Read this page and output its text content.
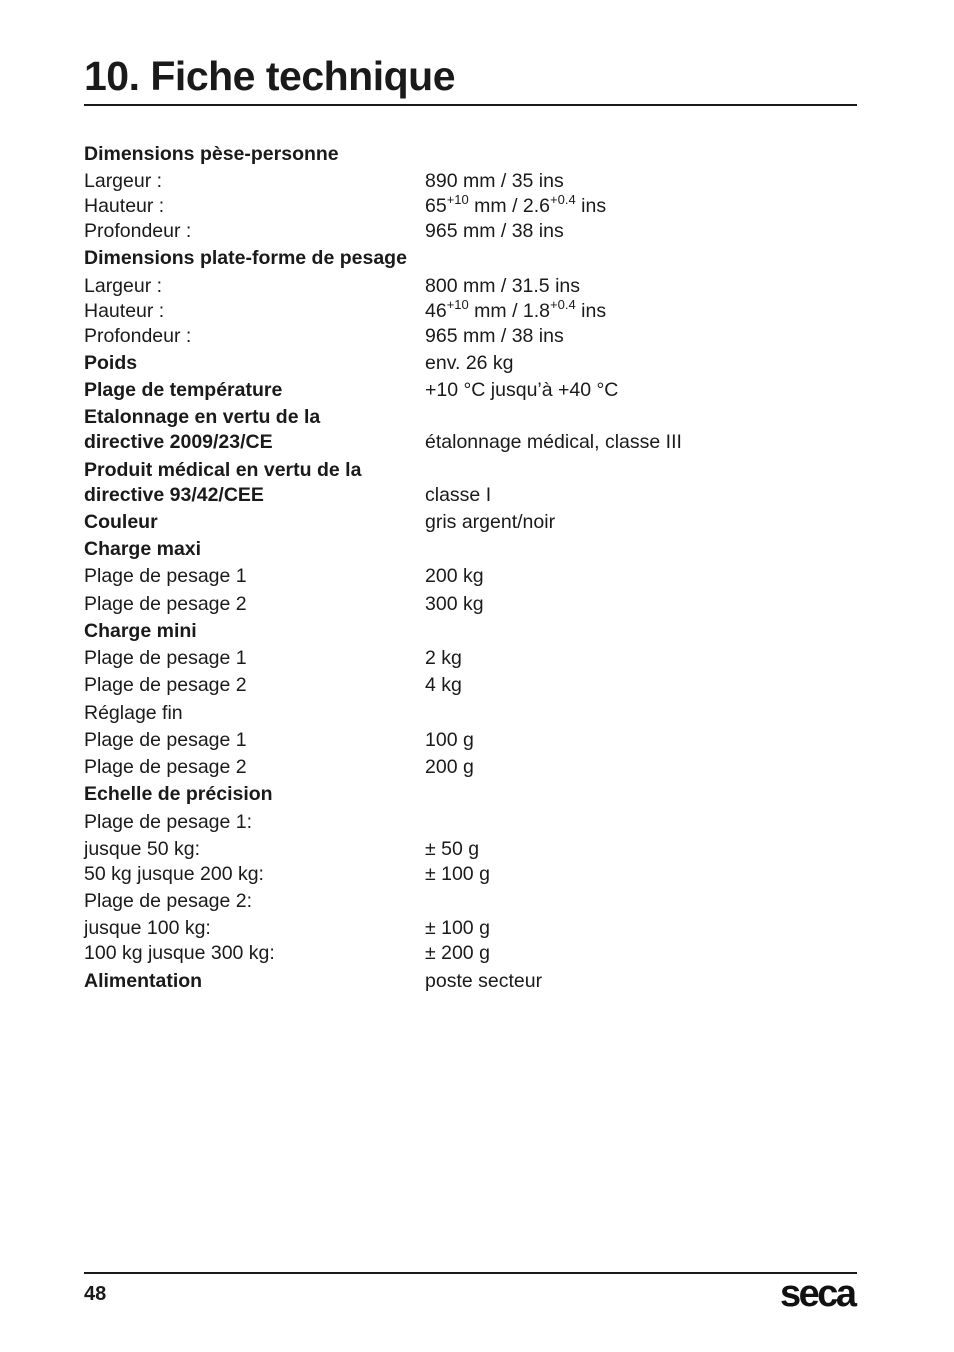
10. Fiche technique
Dimensions pèse-personne
Largeur :	890 mm / 35 ins
Hauteur :	$65^{+10}$ mm / $2.6^{+0.4}$ ins
Profondeur :	965 mm / 38 ins
Dimensions plate-forme de pesage
Largeur :	800 mm / 31.5 ins
Hauteur :	$46^{+10}$ mm / $1.8^{+0.4}$ ins
Profondeur :	965 mm / 38 ins
Poids	env. 26 kg
Plage de température	+10 °C jusqu’à +40 °C
Etalonnage en vertu de la
directive 2009/23/CE	étalonnage médical, classe III
Produit médical en vertu de la
directive 93/42/CEE	classe I
Couleur	gris argent/noir
Charge maxi
Plage de pesage 1	200 kg
Plage de pesage 2	300 kg
Charge mini
Plage de pesage 1	2 kg
Plage de pesage 2	4 kg
Réglage fin
Plage de pesage 1	100 g
Plage de pesage 2	200 g
Echelle de précision
Plage de pesage 1:
jusque 50 kg:	± 50 g
50 kg jusque 200 kg:	± 100 g
Plage de pesage 2:
jusque 100 kg:	± 100 g
100 kg jusque 300 kg:	± 200 g
Alimentation	poste secteur
48	seca
